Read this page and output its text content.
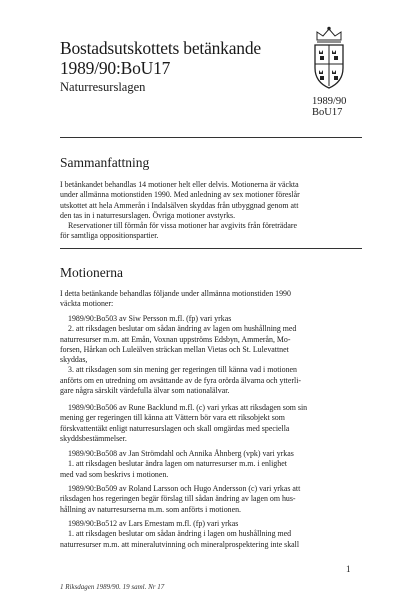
Bostadsutskottets betänkande
1989/90:BoU17
Naturresurslagen
1989/90
BoU17
Sammanfattning

I betänkandet behandlas 14 motioner helt eller delvis. Motionerna är väckta
under allmänna motionstiden 1990. Med anledning av sex motioner föreslår
utskottet att hela Ammerån i Indalsälven skyddas från utbyggnad genom att
den tas in i naturresurslagen. Övriga motioner avstyrks.
Reservationer till förmån för vissa motioner har avgivits från företrädare
för samtliga oppositionspartier.

Motionerna

I detta betänkande behandlas följande under allmänna motionstiden 1990
väckta motioner:

1989/90:Bo503 av Siw Persson m.fl. (fp) vari yrkas
2. att riksdagen beslutar om sådan ändring av lagen om hushållning med
naturresurser m.m. att Emån, Voxnan uppströms Edsbyn, Ammerån, Mo-
forsen, Hårkan och Luleälven sträckan mellan Vietas och St. Lulevattnet
skyddas,
3. att riksdagen som sin mening ger regeringen till känna vad i motionen
anförts om en utredning om avsättande av de fyra orörda älvarna och ytterli-
gare några särskilt värdefulla älvar som nationalälvar.

1989/90:Bo506 av Rune Backlund m.fl. (c) vari yrkas att riksdagen som sin
mening ger regeringen till känna att Vättern bör vara ett riksobjekt som
förskvattentäkt enligt naturresurslagen och skall omgärdas med speciella
skyddsbestämmelser.

1989/90:Bo508 av Jan Strömdahl och Annika Åhnberg (vpk) vari yrkas
1. att riksdagen beslutar ändra lagen om naturresurser m.m. i enlighet
med vad som beskrivs i motionen.

1989/90:Bo509 av Roland Larsson och Hugo Andersson (c) vari yrkas att
riksdagen hos regeringen begär förslag till sådan ändring av lagen om hus-
hållning av naturresurserna m.m. som anförts i motionen.

1989/90:Bo512 av Lars Ernestam m.fl. (fp) vari yrkas
1. att riksdagen beslutar om sådan ändring i lagen om hushållning med
naturresurser m.m. att mineralutvinning och mineralprospektering inte skall

1
1 Riksdagen 1989/90. 19 saml. Nr 17
